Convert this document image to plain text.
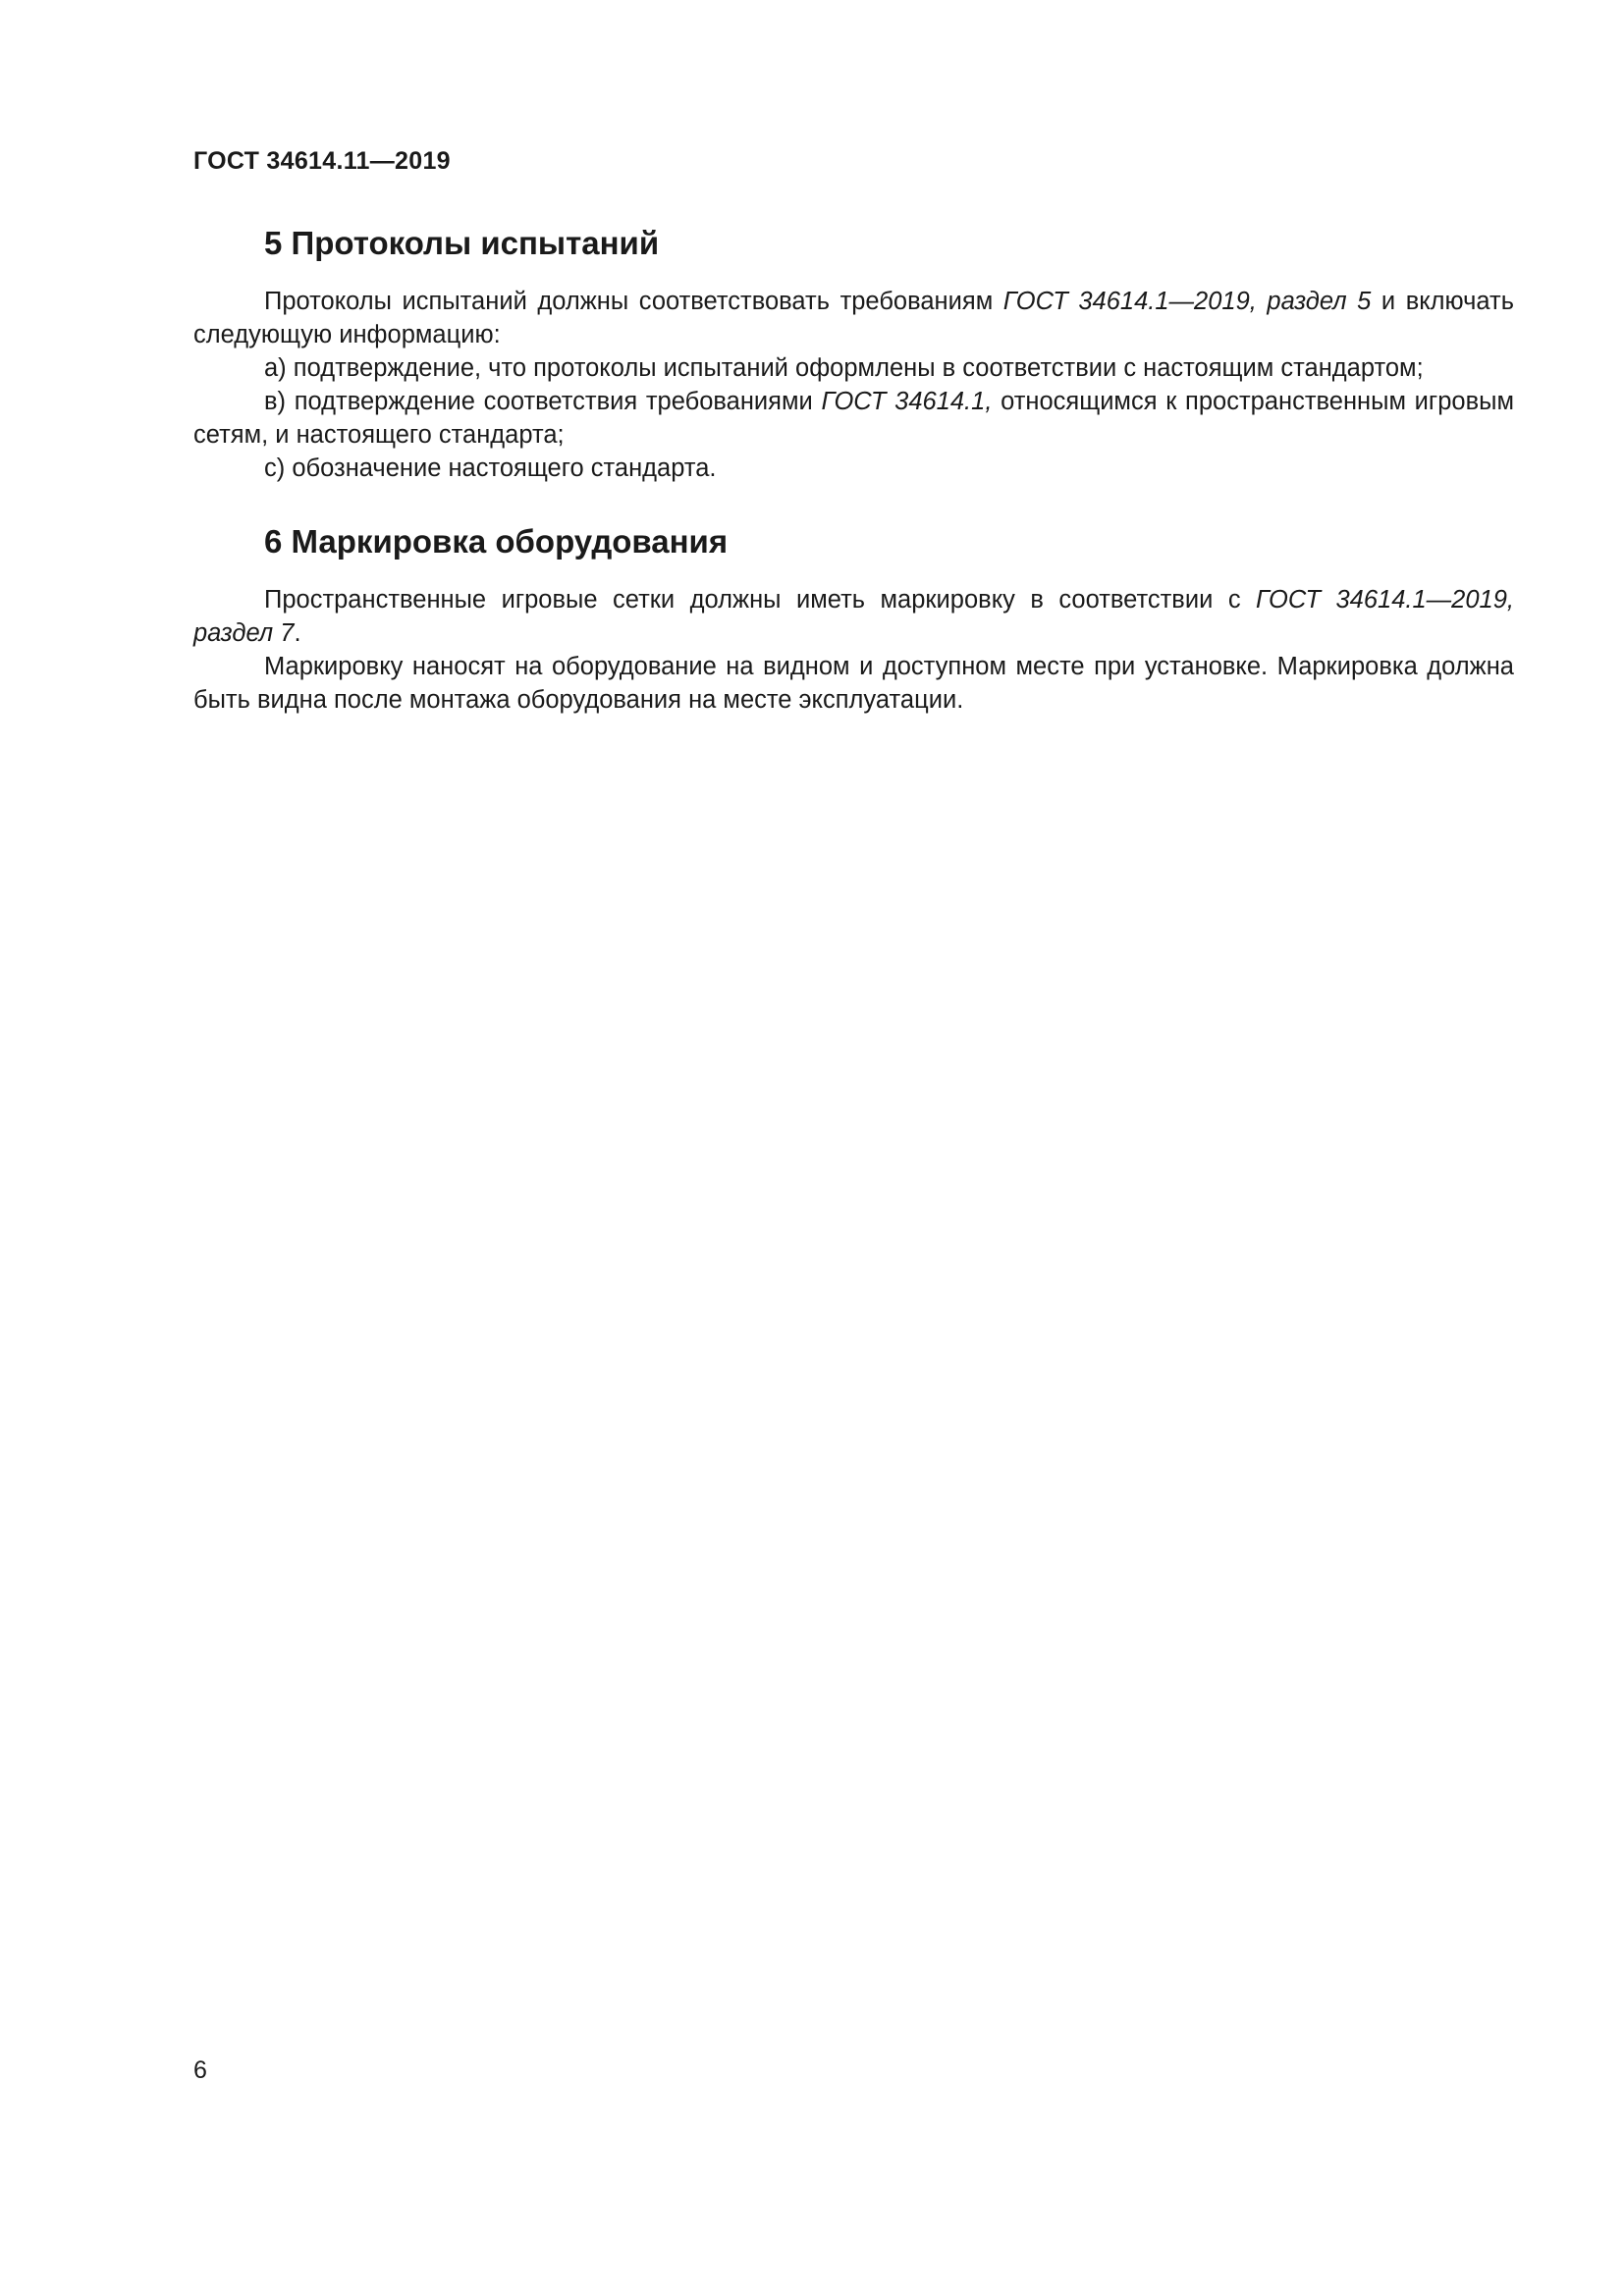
ГОСТ 34614.11—2019
5 Протоколы испытаний

Протоколы испытаний должны соответствовать требованиям ГОСТ 34614.1—2019, раздел 5 и включать следующую информацию:

а) подтверждение, что протоколы испытаний оформлены в соответствии с настоящим стандартом;

в) подтверждение соответствия требованиями ГОСТ 34614.1, относящимся к пространственным игровым сетям, и настоящего стандарта;

с) обозначение настоящего стандарта.

6 Маркировка оборудования

Пространственные игровые сетки должны иметь маркировку в соответствии с ГОСТ 34614.1—2019, раздел 7.

Маркировку наносят на оборудование на видном и доступном месте при установке. Маркировка должна быть видна после монтажа оборудования на месте эксплуатации.

6
